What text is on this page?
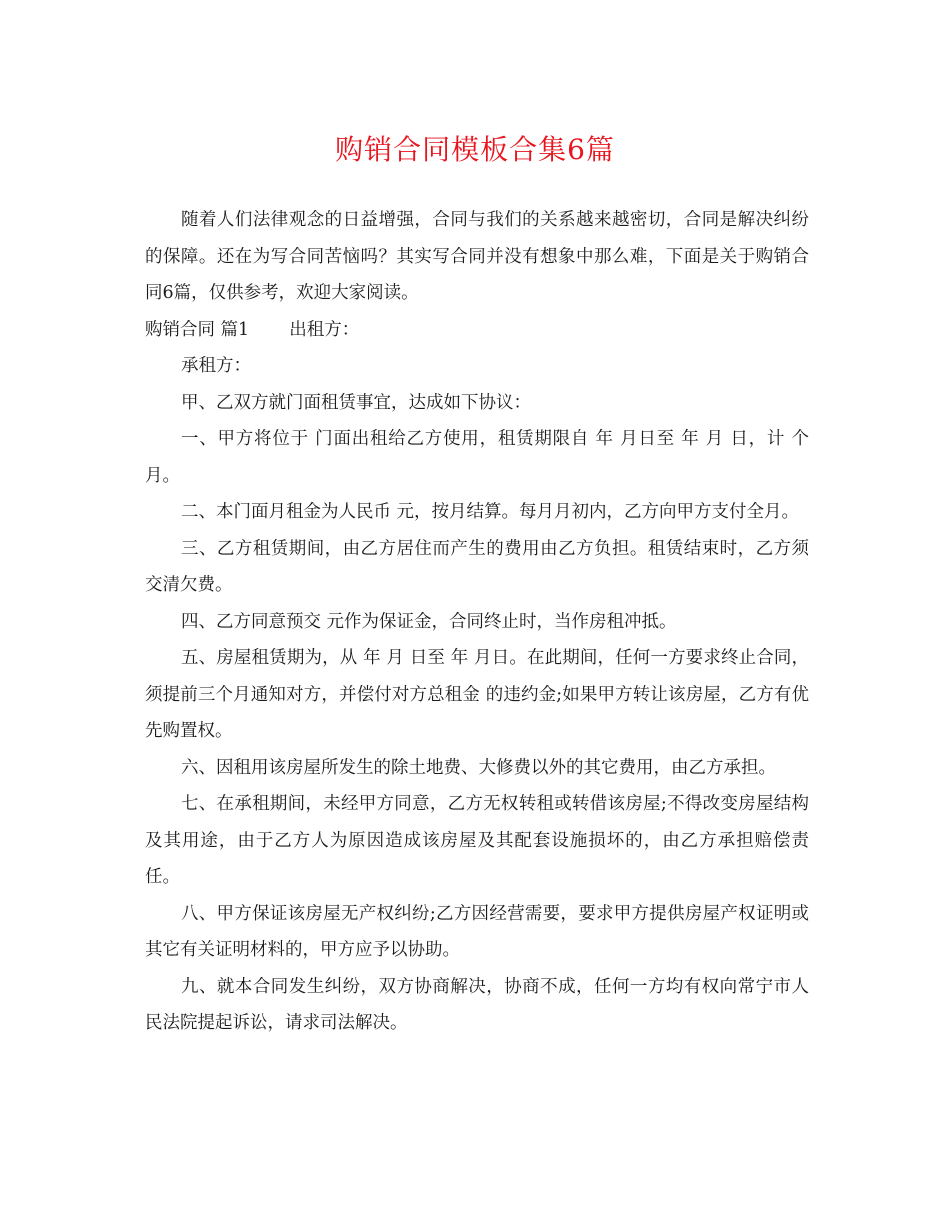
购销合同模板合集6篇

随着人们法律观念的日益增强，合同与我们的关系越来越密切，合同是解决纠纷的保障。还在为写合同苦恼吗？其实写合同并没有想象中那么难，下面是关于购销合同6篇，仅供参考，欢迎大家阅读。

购销合同 篇1 出租方：

承租方：

甲、乙双方就门面租赁事宜，达成如下协议：

一、甲方将位于 门面出租给乙方使用，租赁期限自 年 月日至 年 月 日，计 个月。

二、本门面月租金为人民币 元，按月结算。每月月初内，乙方向甲方支付全月。

三、乙方租赁期间，由乙方居住而产生的费用由乙方负担。租赁结束时，乙方须交清欠费。

四、乙方同意预交 元作为保证金，合同终止时，当作房租冲抵。

五、房屋租赁期为，从 年 月 日至 年 月日。在此期间，任何一方要求终止合同，须提前三个月通知对方，并偿付对方总租金 的违约金;如果甲方转让该房屋，乙方有优先购置权。

六、因租用该房屋所发生的除土地费、大修费以外的其它费用，由乙方承担。

七、在承租期间，未经甲方同意，乙方无权转租或转借该房屋;不得改变房屋结构及其用途，由于乙方人为原因造成该房屋及其配套设施损坏的，由乙方承担赔偿责任。

八、甲方保证该房屋无产权纠纷;乙方因经营需要，要求甲方提供房屋产权证明或其它有关证明材料的，甲方应予以协助。

九、就本合同发生纠纷，双方协商解决，协商不成，任何一方均有权向常宁市人民法院提起诉讼，请求司法解决。
